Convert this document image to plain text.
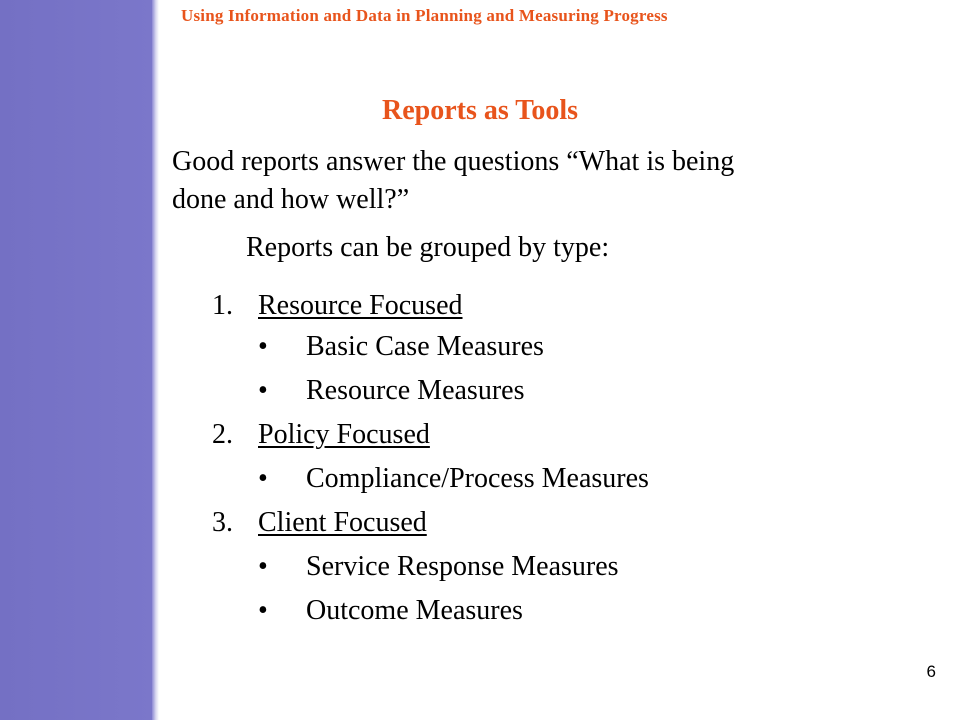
Using Information and Data in Planning and Measuring Progress
Reports as Tools
Good reports answer the questions “What is being done and how well?”
Reports can be grouped by type:
1. Resource Focused
• Basic Case Measures
• Resource Measures
2. Policy Focused
• Compliance/Process Measures
3. Client Focused
• Service Response Measures
• Outcome Measures
6
